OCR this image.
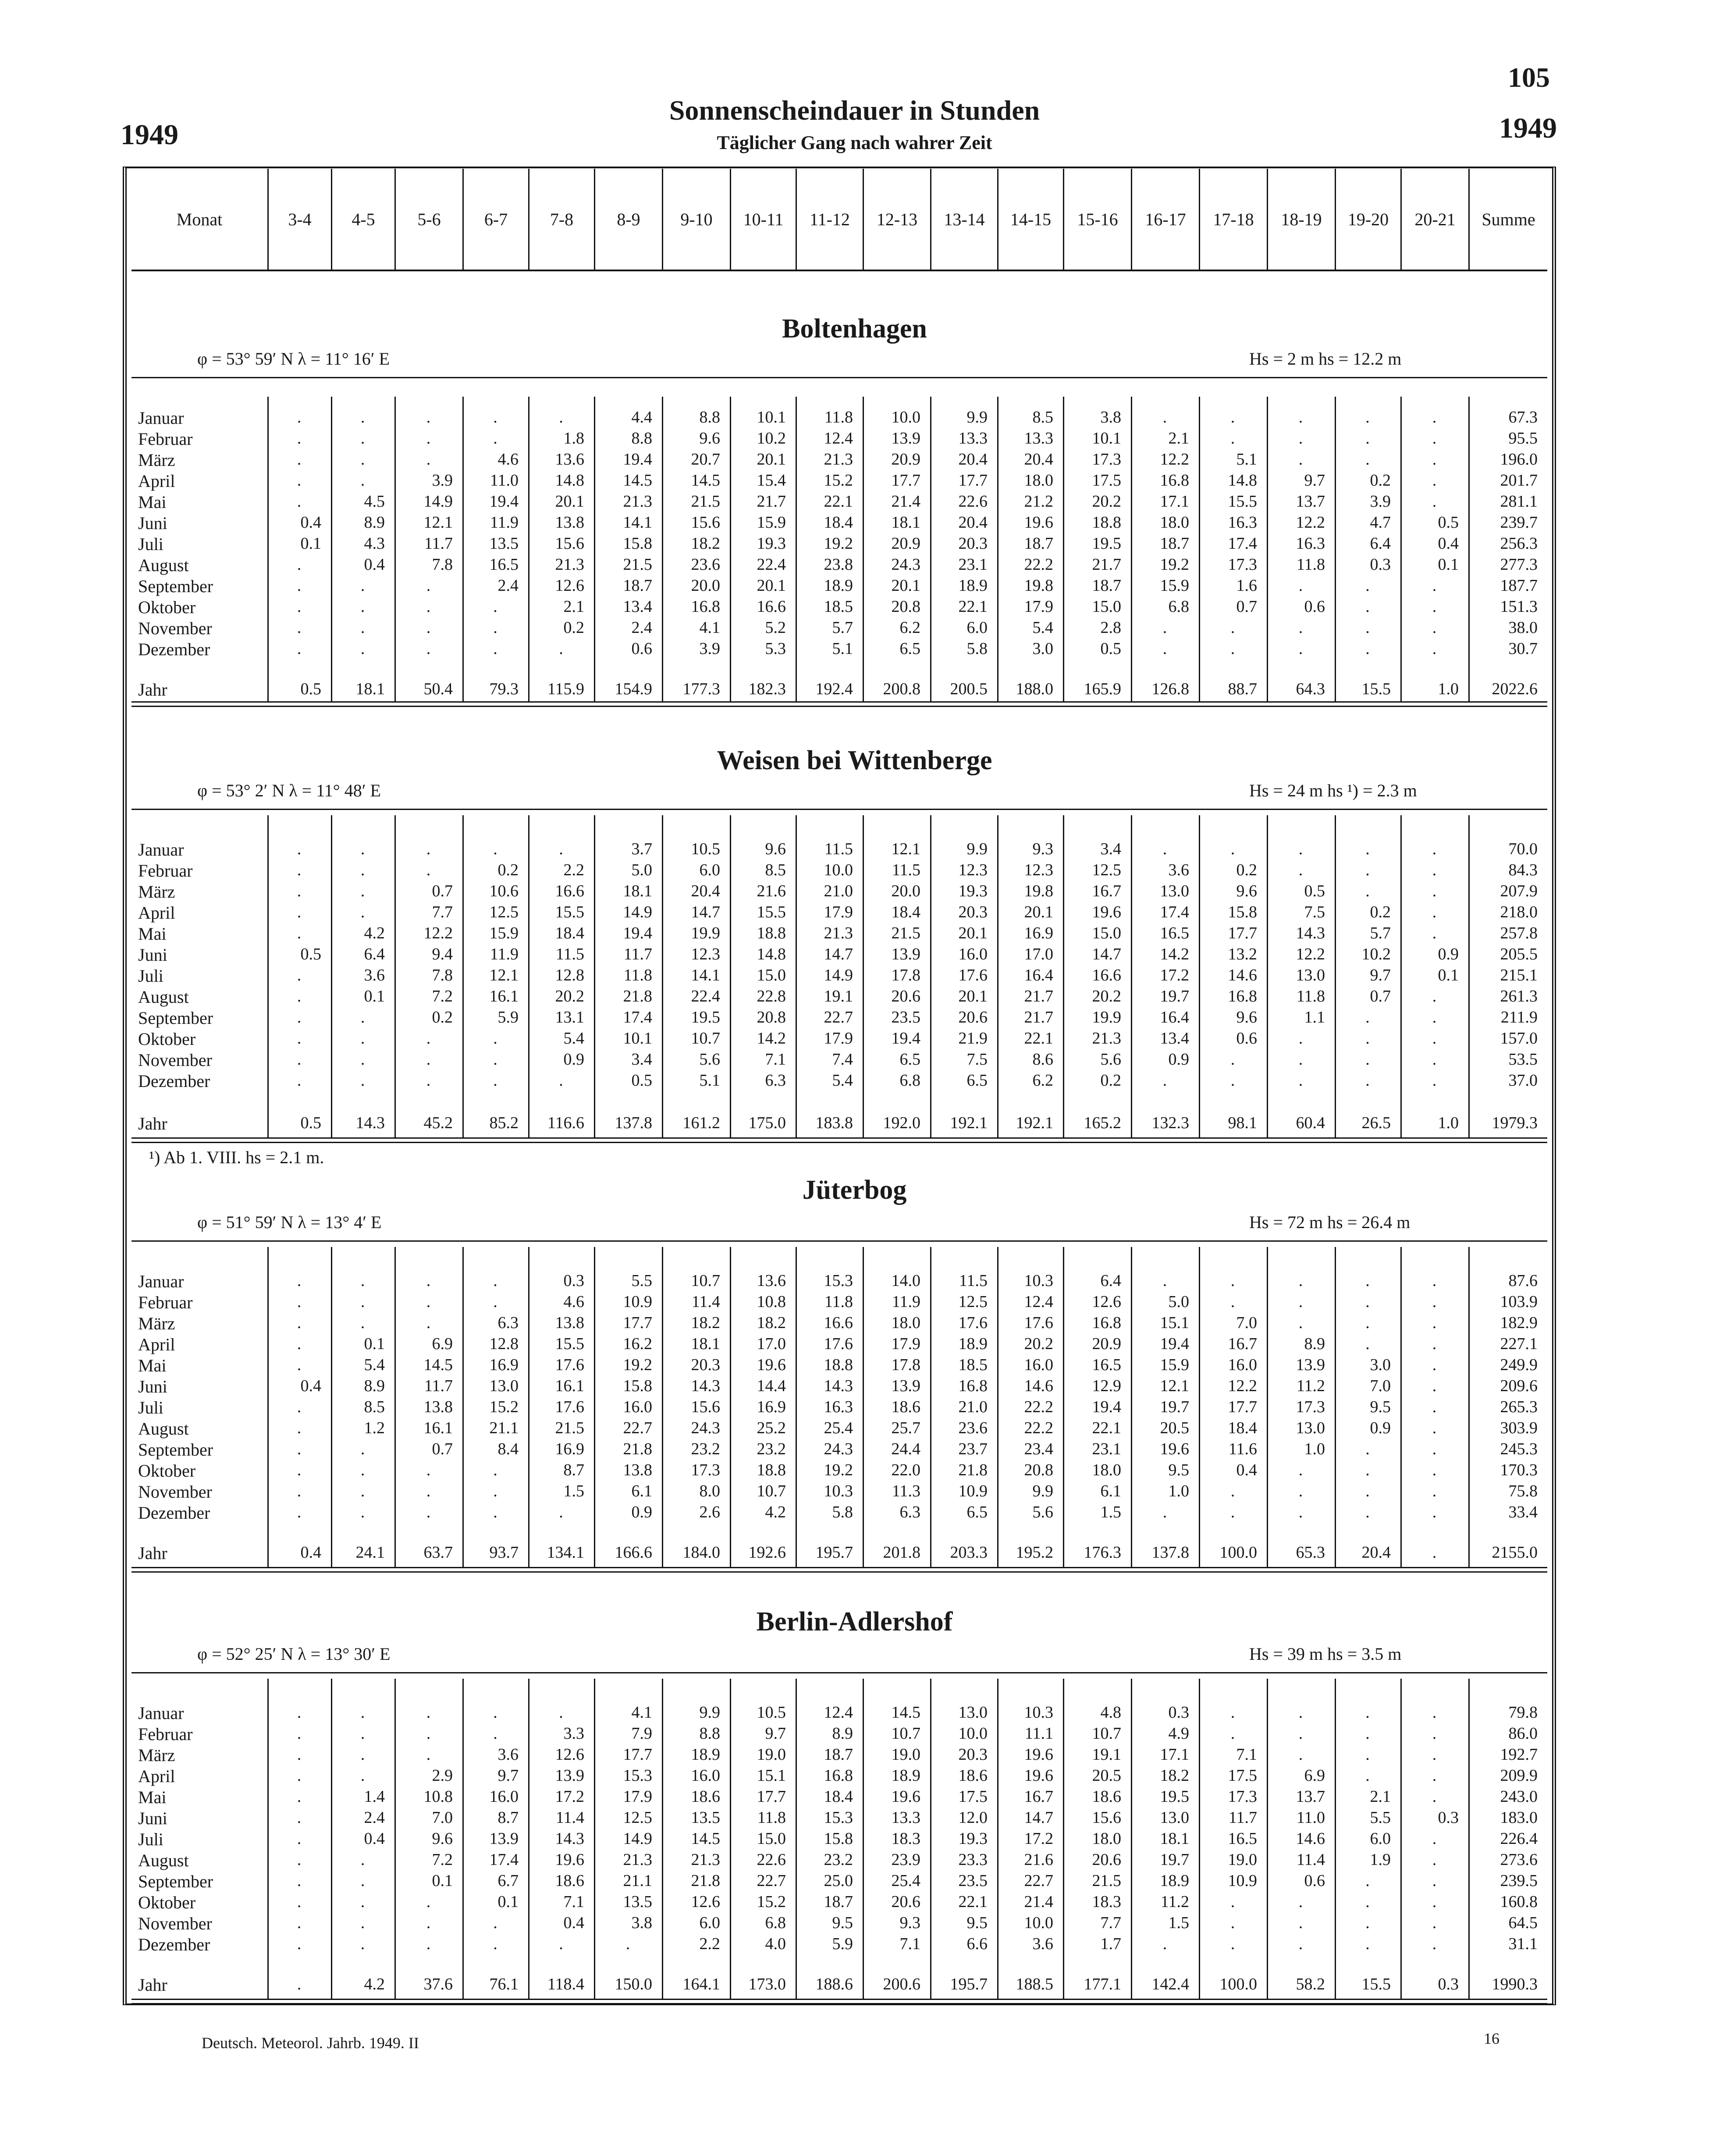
105
1949	1949
Sonnenscheindauer in Stunden
Täglicher Gang nach wahrer Zeit
Monat	3-4	4-5	5-6	6-7	7-8	8-9	9-10	10-11	11-12	12-13	13-14	14-15	15-16	16-17	17-18	18-19	19-20	20-21	Summe
Boltenhagen
φ = 53° 59′ N λ = 11° 16′ E	Hs = 2 m hs = 12.2 m
Januar	.	.	.	.	.	4.4	8.8	10.1	11.8	10.0	9.9	8.5	3.8	.	.	.	.	.	67.3
Februar	.	.	.	.	1.8	8.8	9.6	10.2	12.4	13.9	13.3	13.3	10.1	2.1	.	.	.	.	95.5
März	.	.	.	4.6	13.6	19.4	20.7	20.1	21.3	20.9	20.4	20.4	17.3	12.2	5.1	.	.	.	196.0
April	.	.	3.9	11.0	14.8	14.5	14.5	15.4	15.2	17.7	17.7	18.0	17.5	16.8	14.8	9.7	0.2	.	201.7
Mai	.	4.5	14.9	19.4	20.1	21.3	21.5	21.7	22.1	21.4	22.6	21.2	20.2	17.1	15.5	13.7	3.9	.	281.1
Juni	0.4	8.9	12.1	11.9	13.8	14.1	15.6	15.9	18.4	18.1	20.4	19.6	18.8	18.0	16.3	12.2	4.7	0.5	239.7
Juli	0.1	4.3	11.7	13.5	15.6	15.8	18.2	19.3	19.2	20.9	20.3	18.7	19.5	18.7	17.4	16.3	6.4	0.4	256.3
August	.	0.4	7.8	16.5	21.3	21.5	23.6	22.4	23.8	24.3	23.1	22.2	21.7	19.2	17.3	11.8	0.3	0.1	277.3
September	.	.	.	2.4	12.6	18.7	20.0	20.1	18.9	20.1	18.9	19.8	18.7	15.9	1.6	.	.	.	187.7
Oktober	.	.	.	.	2.1	13.4	16.8	16.6	18.5	20.8	22.1	17.9	15.0	6.8	0.7	0.6	.	.	151.3
November	.	.	.	.	0.2	2.4	4.1	5.2	5.7	6.2	6.0	5.4	2.8	.	.	.	.	.	38.0
Dezember	.	.	.	.	.	0.6	3.9	5.3	5.1	6.5	5.8	3.0	0.5	.	.	.	.	.	30.7
Jahr	0.5	18.1	50.4	79.3	115.9	154.9	177.3	182.3	192.4	200.8	200.5	188.0	165.9	126.8	88.7	64.3	15.5	1.0	2022.6
Weisen bei Wittenberge
φ = 53° 2′ N λ = 11° 48′ E	Hs = 24 m hs ¹) = 2.3 m
Januar	.	.	.	.	.	3.7	10.5	9.6	11.5	12.1	9.9	9.3	3.4	.	.	.	.	.	70.0
Februar	.	.	.	0.2	2.2	5.0	6.0	8.5	10.0	11.5	12.3	12.3	12.5	3.6	0.2	.	.	.	84.3
März	.	.	0.7	10.6	16.6	18.1	20.4	21.6	21.0	20.0	19.3	19.8	16.7	13.0	9.6	0.5	.	.	207.9
April	.	.	7.7	12.5	15.5	14.9	14.7	15.5	17.9	18.4	20.3	20.1	19.6	17.4	15.8	7.5	0.2	.	218.0
Mai	.	4.2	12.2	15.9	18.4	19.4	19.9	18.8	21.3	21.5	20.1	16.9	15.0	16.5	17.7	14.3	5.7	.	257.8
Juni	0.5	6.4	9.4	11.9	11.5	11.7	12.3	14.8	14.7	13.9	16.0	17.0	14.7	14.2	13.2	12.2	10.2	0.9	205.5
Juli	.	3.6	7.8	12.1	12.8	11.8	14.1	15.0	14.9	17.8	17.6	16.4	16.6	17.2	14.6	13.0	9.7	0.1	215.1
August	.	0.1	7.2	16.1	20.2	21.8	22.4	22.8	19.1	20.6	20.1	21.7	20.2	19.7	16.8	11.8	0.7	.	261.3
September	.	.	0.2	5.9	13.1	17.4	19.5	20.8	22.7	23.5	20.6	21.7	19.9	16.4	9.6	1.1	.	.	211.9
Oktober	.	.	.	.	5.4	10.1	10.7	14.2	17.9	19.4	21.9	22.1	21.3	13.4	0.6	.	.	.	157.0
November	.	.	.	.	0.9	3.4	5.6	7.1	7.4	6.5	7.5	8.6	5.6	0.9	.	.	.	.	53.5
Dezember	.	.	.	.	.	0.5	5.1	6.3	5.4	6.8	6.5	6.2	0.2	.	.	.	.	.	37.0
Jahr	0.5	14.3	45.2	85.2	116.6	137.8	161.2	175.0	183.8	192.0	192.1	192.1	165.2	132.3	98.1	60.4	26.5	1.0	1979.3
¹) Ab 1. VIII. hs = 2.1 m.
Jüterbog
φ = 51° 59′ N λ = 13° 4′ E	Hs = 72 m hs = 26.4 m
Januar	.	.	.	.	0.3	5.5	10.7	13.6	15.3	14.0	11.5	10.3	6.4	.	.	.	.	.	87.6
Februar	.	.	.	.	4.6	10.9	11.4	10.8	11.8	11.9	12.5	12.4	12.6	5.0	.	.	.	.	103.9
März	.	.	.	6.3	13.8	17.7	18.2	18.2	16.6	18.0	17.6	17.6	16.8	15.1	7.0	.	.	.	182.9
April	.	0.1	6.9	12.8	15.5	16.2	18.1	17.0	17.6	17.9	18.9	20.2	20.9	19.4	16.7	8.9	.	.	227.1
Mai	.	5.4	14.5	16.9	17.6	19.2	20.3	19.6	18.8	17.8	18.5	16.0	16.5	15.9	16.0	13.9	3.0	.	249.9
Juni	0.4	8.9	11.7	13.0	16.1	15.8	14.3	14.4	14.3	13.9	16.8	14.6	12.9	12.1	12.2	11.2	7.0	.	209.6
Juli	.	8.5	13.8	15.2	17.6	16.0	15.6	16.9	16.3	18.6	21.0	22.2	19.4	19.7	17.7	17.3	9.5	.	265.3
August	.	1.2	16.1	21.1	21.5	22.7	24.3	25.2	25.4	25.7	23.6	22.2	22.1	20.5	18.4	13.0	0.9	.	303.9
September	.	.	0.7	8.4	16.9	21.8	23.2	23.2	24.3	24.4	23.7	23.4	23.1	19.6	11.6	1.0	.	.	245.3
Oktober	.	.	.	.	8.7	13.8	17.3	18.8	19.2	22.0	21.8	20.8	18.0	9.5	0.4	.	.	.	170.3
November	.	.	.	.	1.5	6.1	8.0	10.7	10.3	11.3	10.9	9.9	6.1	1.0	.	.	.	.	75.8
Dezember	.	.	.	.	.	0.9	2.6	4.2	5.8	6.3	6.5	5.6	1.5	.	.	.	.	.	33.4
Jahr	0.4	24.1	63.7	93.7	134.1	166.6	184.0	192.6	195.7	201.8	203.3	195.2	176.3	137.8	100.0	65.3	20.4	.	2155.0
Berlin-Adlershof
φ = 52° 25′ N λ = 13° 30′ E	Hs = 39 m hs = 3.5 m
Januar	.	.	.	.	.	4.1	9.9	10.5	12.4	14.5	13.0	10.3	4.8	0.3	.	.	.	.	79.8
Februar	.	.	.	.	3.3	7.9	8.8	9.7	8.9	10.7	10.0	11.1	10.7	4.9	.	.	.	.	86.0
März	.	.	.	3.6	12.6	17.7	18.9	19.0	18.7	19.0	20.3	19.6	19.1	17.1	7.1	.	.	.	192.7
April	.	.	2.9	9.7	13.9	15.3	16.0	15.1	16.8	18.9	18.6	19.6	20.5	18.2	17.5	6.9	.	.	209.9
Mai	.	1.4	10.8	16.0	17.2	17.9	18.6	17.7	18.4	19.6	17.5	16.7	18.6	19.5	17.3	13.7	2.1	.	243.0
Juni	.	2.4	7.0	8.7	11.4	12.5	13.5	11.8	15.3	13.3	12.0	14.7	15.6	13.0	11.7	11.0	5.5	0.3	183.0
Juli	.	0.4	9.6	13.9	14.3	14.9	14.5	15.0	15.8	18.3	19.3	17.2	18.0	18.1	16.5	14.6	6.0	.	226.4
August	.	.	7.2	17.4	19.6	21.3	21.3	22.6	23.2	23.9	23.3	21.6	20.6	19.7	19.0	11.4	1.9	.	273.6
September	.	.	0.1	6.7	18.6	21.1	21.8	22.7	25.0	25.4	23.5	22.7	21.5	18.9	10.9	0.6	.	.	239.5
Oktober	.	.	.	0.1	7.1	13.5	12.6	15.2	18.7	20.6	22.1	21.4	18.3	11.2	.	.	.	.	160.8
November	.	.	.	.	0.4	3.8	6.0	6.8	9.5	9.3	9.5	10.0	7.7	1.5	.	.	.	.	64.5
Dezember	.	.	.	.	.	.	2.2	4.0	5.9	7.1	6.6	3.6	1.7	.	.	.	.	.	31.1
Jahr	.	4.2	37.6	76.1	118.4	150.0	164.1	173.0	188.6	200.6	195.7	188.5	177.1	142.4	100.0	58.2	15.5	0.3	1990.3
Deutsch. Meteorol. Jahrb. 1949. II	16
